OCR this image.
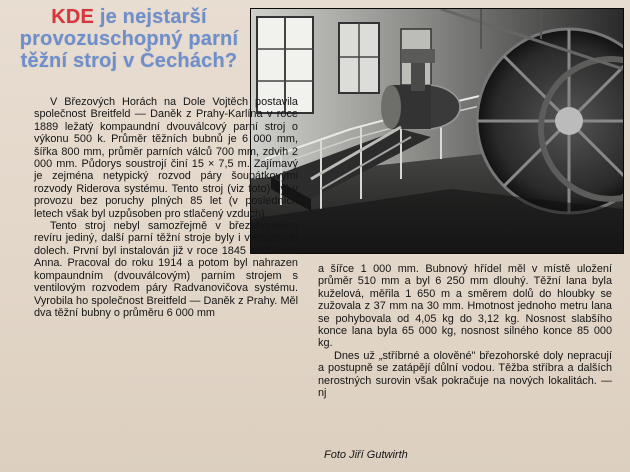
KDE je nejstarší provozuschopný parní těžní stroj v Čechách?

V Březových Horách na Dole Vojtěch postavila společnost Breitfeld — Daněk z Prahy-Karlína v roce 1889 ležatý kompaundní dvouválcový parní stroj o výkonu 500 k. Průměr těžních bubnů je 6 000 mm, šířka 800 mm, průměr parních válců 700 mm, zdvih 2 000 mm. Půdorys soustrojí činí 15 × 7,5 m. Zajímavý je zejména netypický rozvod páry šoupátkovými rozvody Riderova systému. Tento stroj (viz foto) byl v provozu bez poruchy plných 85 let (v posledních letech však byl uzpůsoben pro stlačený vzduch).

Tento stroj nebyl samozřejmě v březohorském revíru jediný, další parní těžní stroje byly i v ostatních dolech. První byl instalován již v roce 1845 na šachtě Anna. Pracoval do roku 1914 a potom byl nahrazen kompaundním (dvouválcovým) parním strojem s ventilovým rozvodem páry Radvanovičova systému. Vyrobila ho společnost Breitfeld — Daněk z Prahy. Měl dva těžní bubny o průměru 6 000 mm

a šířce 1 000 mm. Bubnový hřídel měl v místě uložení průměr 510 mm a byl 6 250 mm dlouhý. Těžní lana byla kuželová, měřila 1 650 m a směrem dolů do hloubky se zužovala z 37 mm na 30 mm. Hmotnost jednoho metru lana se pohybovala od 4,05 kg do 3,12 kg. Nosnost slabšího konce lana byla 65 000 kg, nosnost silného konce 85 000 kg.

Dnes už „stříbrné a olověné" březohorské doly nepracují a postupně se zatápějí důlní vodou. Těžba stříbra a dalších nerostných surovin však pokračuje na nových lokalitách. — nj

Foto Jiří Gutwirth
